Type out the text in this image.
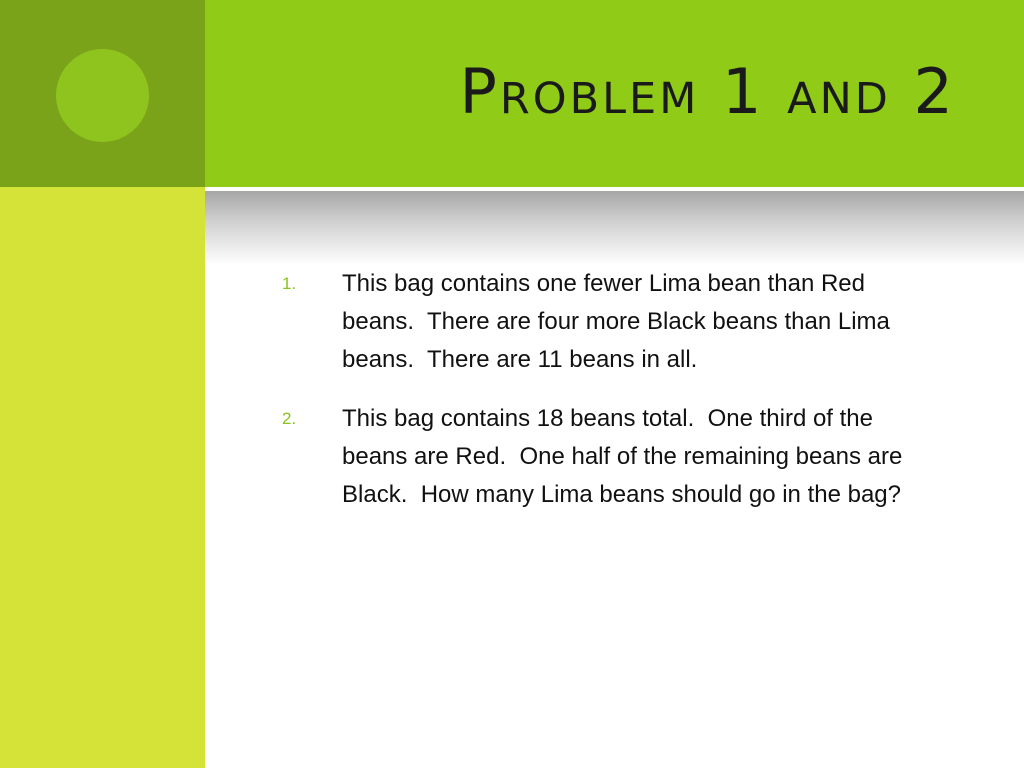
Problem 1 and 2
1.	This bag contains one fewer Lima bean than Red beans.  There are four more Black beans than Lima beans.  There are 11 beans in all.
2.	This bag contains 18 beans total.  One third of the beans are Red.  One half of the remaining beans are Black.  How many Lima beans should go in the bag?
